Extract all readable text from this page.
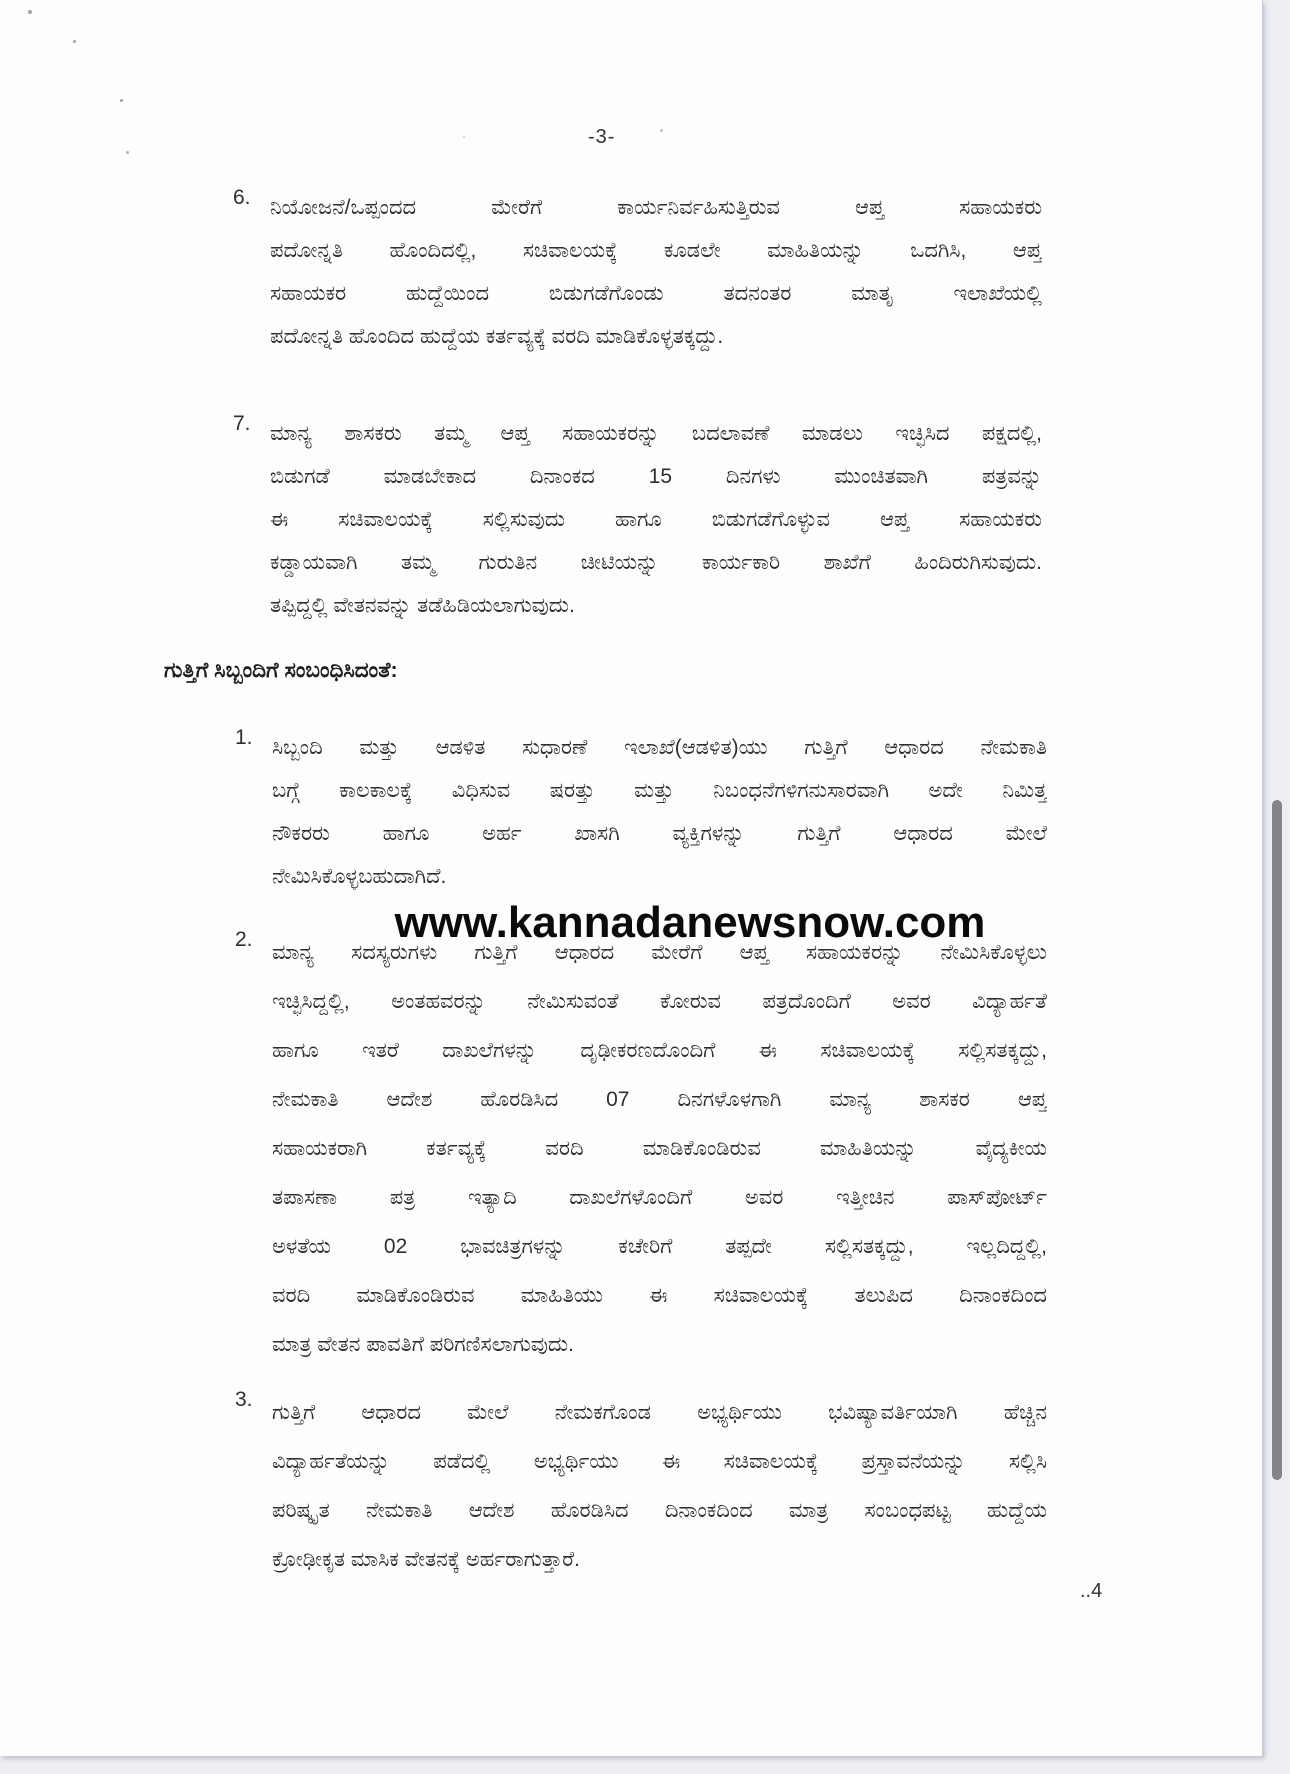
-3-
6. ನಿಯೋಜನೆ/ಒಪ್ಪಂದದ ಮೇರೆಗೆ ಕಾರ್ಯನಿರ್ವಹಿಸುತ್ತಿರುವ ಆಪ್ತ ಸಹಾಯಕರು
ಪದೋನ್ನತಿ ಹೊಂದಿದಲ್ಲಿ, ಸಚಿವಾಲಯಕ್ಕೆ ಕೂಡಲೇ ಮಾಹಿತಿಯನ್ನು ಒದಗಿಸಿ, ಆಪ್ತ
ಸಹಾಯಕರ ಹುದ್ದೆಯಿಂದ ಬಿಡುಗಡೆಗೊಂಡು ತದನಂತರ ಮಾತೃ ಇಲಾಖೆಯಲ್ಲಿ
ಪದೋನ್ನತಿ ಹೊಂದಿದ ಹುದ್ದೆಯ ಕರ್ತವ್ಯಕ್ಕೆ ವರದಿ ಮಾಡಿಕೊಳ್ಳತಕ್ಕದ್ದು.
7. ಮಾನ್ಯ ಶಾಸಕರು ತಮ್ಮ ಆಪ್ತ ಸಹಾಯಕರನ್ನು ಬದಲಾವಣೆ ಮಾಡಲು ಇಚ್ಛಿಸಿದ ಪಕ್ಷದಲ್ಲಿ,
ಬಿಡುಗಡೆ ಮಾಡಬೇಕಾದ ದಿನಾಂಕದ 15 ದಿನಗಳು ಮುಂಚಿತವಾಗಿ ಪತ್ರವನ್ನು
ಈ ಸಚಿವಾಲಯಕ್ಕೆ ಸಲ್ಲಿಸುವುದು ಹಾಗೂ ಬಿಡುಗಡೆಗೊಳ್ಳುವ ಆಪ್ತ ಸಹಾಯಕರು
ಕಡ್ಡಾಯವಾಗಿ ತಮ್ಮ ಗುರುತಿನ ಚೀಟಿಯನ್ನು ಕಾರ್ಯಕಾರಿ ಶಾಖೆಗೆ ಹಿಂದಿರುಗಿಸುವುದು.
ತಪ್ಪಿದ್ದಲ್ಲಿ ವೇತನವನ್ನು ತಡೆಹಿಡಿಯಲಾಗುವುದು.
ಗುತ್ತಿಗೆ ಸಿಬ್ಬಂದಿಗೆ ಸಂಬಂಧಿಸಿದಂತೆ:
1. ಸಿಬ್ಬಂದಿ ಮತ್ತು ಆಡಳಿತ ಸುಧಾರಣೆ ಇಲಾಖೆ(ಆಡಳಿತ)ಯು ಗುತ್ತಿಗೆ ಆಧಾರದ ನೇಮಕಾತಿ
ಬಗ್ಗೆ ಕಾಲಕಾಲಕ್ಕೆ ವಿಧಿಸುವ ಷರತ್ತು ಮತ್ತು ನಿಬಂಧನೆಗಳಿಗನುಸಾರವಾಗಿ ಅದೇ ನಿಮಿತ್ತ
ನೌಕರರು ಹಾಗೂ ಅರ್ಹ ಖಾಸಗಿ ವ್ಯಕ್ತಿಗಳನ್ನು ಗುತ್ತಿಗೆ ಆಧಾರದ ಮೇಲೆ
ನೇಮಿಸಿಕೊಳ್ಳಬಹುದಾಗಿದೆ.
www.kannadanewsnow.com
2.
ಮಾನ್ಯ ಸದಸ್ಯರುಗಳು ಗುತ್ತಿಗೆ ಆಧಾರದ ಮೇರೆಗೆ ಆಪ್ತ ಸಹಾಯಕರನ್ನು ನೇಮಿಸಿಕೊಳ್ಳಲು
ಇಚ್ಛಿಸಿದ್ದಲ್ಲಿ, ಅಂತಹವರನ್ನು ನೇಮಿಸುವಂತೆ ಕೋರುವ ಪತ್ರದೊಂದಿಗೆ ಅವರ ವಿದ್ಯಾರ್ಹತೆ
ಹಾಗೂ ಇತರೆ ದಾಖಲೆಗಳನ್ನು ದೃಢೀಕರಣದೊಂದಿಗೆ ಈ ಸಚಿವಾಲಯಕ್ಕೆ ಸಲ್ಲಿಸತಕ್ಕದ್ದು,
ನೇಮಕಾತಿ ಆದೇಶ ಹೊರಡಿಸಿದ 07 ದಿನಗಳೊಳಗಾಗಿ ಮಾನ್ಯ ಶಾಸಕರ ಆಪ್ತ
ಸಹಾಯಕರಾಗಿ ಕರ್ತವ್ಯಕ್ಕೆ ವರದಿ ಮಾಡಿಕೊಂಡಿರುವ ಮಾಹಿತಿಯನ್ನು ವೈದ್ಯಕೀಯ
ತಪಾಸಣಾ ಪತ್ರ ಇತ್ಯಾದಿ ದಾಖಲೆಗಳೊಂದಿಗೆ ಅವರ ಇತ್ತೀಚಿನ ಪಾಸ್‌ಪೋರ್ಟ್
ಅಳತೆಯ 02 ಭಾವಚಿತ್ರಗಳನ್ನು ಕಚೇರಿಗೆ ತಪ್ಪದೇ ಸಲ್ಲಿಸತಕ್ಕದ್ದು, ಇಲ್ಲದಿದ್ದಲ್ಲಿ,
ವರದಿ ಮಾಡಿಕೊಂಡಿರುವ ಮಾಹಿತಿಯು ಈ ಸಚಿವಾಲಯಕ್ಕೆ ತಲುಪಿದ ದಿನಾಂಕದಿಂದ
ಮಾತ್ರ ವೇತನ ಪಾವತಿಗೆ ಪರಿಗಣಿಸಲಾಗುವುದು.
3.
ಗುತ್ತಿಗೆ ಆಧಾರದ ಮೇಲೆ ನೇಮಕಗೊಂಡ ಅಭ್ಯರ್ಥಿಯು ಭವಿಷ್ಯಾವರ್ತಿಯಾಗಿ ಹೆಚ್ಚಿನ
ವಿದ್ಯಾರ್ಹತೆಯನ್ನು ಪಡೆದಲ್ಲಿ ಅಭ್ಯರ್ಥಿಯು ಈ ಸಚಿವಾಲಯಕ್ಕೆ ಪ್ರಸ್ತಾವನೆಯನ್ನು ಸಲ್ಲಿಸಿ
ಪರಿಷ್ಕೃತ ನೇಮಕಾತಿ ಆದೇಶ ಹೊರಡಿಸಿದ ದಿನಾಂಕದಿಂದ ಮಾತ್ರ ಸಂಬಂಧಪಟ್ಟ ಹುದ್ದೆಯ
ಕ್ರೋಢೀಕೃತ ಮಾಸಿಕ ವೇತನಕ್ಕೆ ಅರ್ಹರಾಗುತ್ತಾರೆ.
..4
